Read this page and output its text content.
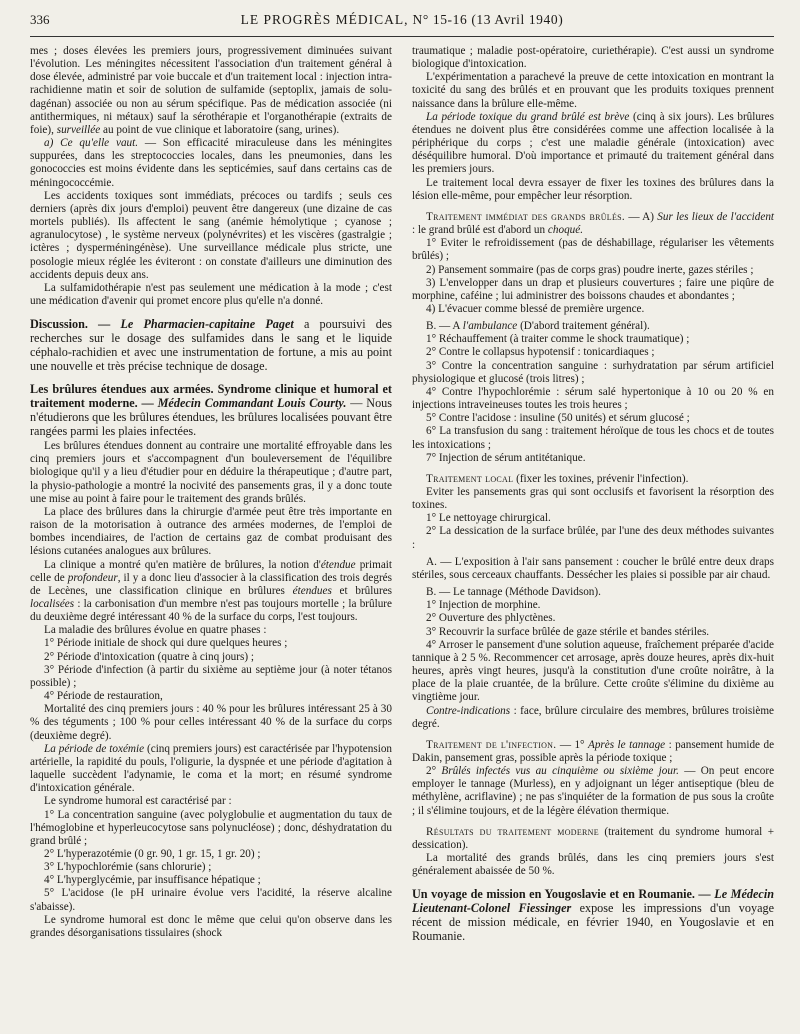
336	LE PROGRÈS MÉDICAL, N° 15-16 (13 Avril 1940)

mes ; doses élevées les premiers jours, progressivement diminuées suivant l'évolution. Les méningites nécessitent l'association d'un traitement général à dose élevée, administré par voie buccale et d'un traitement local : injection intra-rachidienne matin et soir de solution de sulfamide (septoplix, jamais de solu-dagénan) associée ou non au sérum spécifique. Pas de médication associée (ni antithermiques, ni métaux) sauf la sérothérapie et l'organothérapie (extraits de foie), surveillée au point de vue clinique et laboratoire (sang, urines).

a) Ce qu'elle vaut. — Son efficacité miraculeuse dans les méningites suppurées, dans les streptococcies locales, dans les pneumonies, dans les gonococcies est moins évidente dans les septicémies, sauf dans certains cas de méningococcémie.

Les accidents toxiques sont immédiats, précoces ou tardifs ; seuls ces derniers (après dix jours d'emploi) peuvent être dangereux (une dizaine de cas mortels publiés). Ils affectent le sang (anémie hémolytique ; cyanose ; agranulocytose) , le système nerveux (polynévrites) et les viscères (gastralgie ; ictères ; dysperméningénèse). Une surveillance médicale plus stricte, une posologie mieux réglée les éviteront : on constate d'ailleurs une diminution des accidents depuis deux ans.

La sulfamidothérapie n'est pas seulement une médication à la mode ; c'est une médication d'avenir qui promet encore plus qu'elle n'a donné.

Discussion. — Le Pharmacien-capitaine Paget a poursuivi des recherches sur le dosage des sulfamides dans le sang et le liquide céphalo-rachidien et avec une instrumentation de fortune, a mis au point une nouvelle et très précise technique de dosage.
Les brûlures étendues aux armées. Syndrome clinique et humoral et traitement moderne. — Médecin Commandant Louis Courty. — Nous n'étudierons que les brûlures étendues, les brûlures localisées pouvant être rangées parmi les plaies infectées.

Les brûlures étendues donnent au contraire une mortalité effroyable dans les cinq premiers jours et s'accompagnent d'un bouleversement de l'équilibre biologique qu'il y a lieu d'étudier pour en déduire la thérapeutique ; d'autre part, la physio-pathologie a montré la nocivité des pansements gras, il y a donc toute une mise au point à faire pour le traitement des grands brûlés.

La place des brûlures dans la chirurgie d'armée peut être très importante en raison de la motorisation à outrance des armées modernes, de l'emploi de bombes incendiaires, de l'action de certains gaz de combat produisant des lésions cutanées analogues aux brûlures.

La clinique a montré qu'en matière de brûlures, la notion d'étendue primait celle de profondeur, il y a donc lieu d'associer à la classification des trois degrés de Lecènes, une classification clinique en brûlures étendues et brûlures localisées : la carbonisation d'un membre n'est pas toujours mortelle ; la brûlure du deuxième degré intéressant 40 % de la surface du corps, l'est toujours.

La maladie des brûlures évolue en quatre phases :

1° Période initiale de shock qui dure quelques heures ;

2° Période d'intoxication (quatre à cinq jours) ;

3° Période d'infection (à partir du sixième au septième jour (à noter tétanos possible) ;

4° Période de restauration,

Mortalité des cinq premiers jours : 40 % pour les brûlures intéressant 25 à 30 % des téguments ; 100 % pour celles intéressant 40 % de la surface du corps (deuxième degré).

La période de toxémie (cinq premiers jours) est caractérisée par l'hypotension artérielle, la rapidité du pouls, l'oligurie, la dyspnée et une période d'agitation à laquelle succèdent l'adynamie, le coma et la mort; en résumé syndrome d'intoxication générale.

Le syndrome humoral est caractérisé par :

1° La concentration sanguine (avec polyglobulie et augmentation du taux de l'hémoglobine et hyperleucocytose sans polynucléose) ; donc, déshydratation du grand brûlé ;

2° L'hyperazotémie (0 gr. 90, 1 gr. 15, 1 gr. 20) ;

3° L'hypochlorémie (sans chlorurie) ;

4° L'hyperglycémie, par insuffisance hépatique ;

5° L'acidose (le pH urinaire évolue vers l'acidité, la réserve alcaline s'abaisse).

Le syndrome humoral est donc le même que celui qu'on observe dans les grandes désorganisations tissulaires (shock

traumatique ; maladie post-opératoire, curiethérapie). C'est aussi un syndrome biologique d'intoxication.

L'expérimentation a parachevé la preuve de cette intoxication en montrant la toxicité du sang des brûlés et en prouvant que les produits toxiques prennent naissance dans la brûlure elle-même.

La période toxique du grand brûlé est brève (cinq à six jours). Les brûlures étendues ne doivent plus être considérées comme une affection localisée à la périphérique du corps ; c'est une maladie générale (intoxication) avec déséquilibre humoral. D'où importance et primauté du traitement général dans les premiers jours.

Le traitement local devra essayer de fixer les toxines des brûlures dans la lésion elle-même, pour empêcher leur résorption.

Traitement immédiat des grands brûlés. — A) Sur les lieux de l'accident : le grand brûlé est d'abord un choqué.

1° Eviter le refroidissement (pas de déshabillage, régulariser les vêtements brûlés) ;

2) Pansement sommaire (pas de corps gras) poudre inerte, gazes stériles ;

3) L'envelopper dans un drap et plusieurs couvertures ; faire une piqûre de morphine, caféine ; lui administrer des boissons chaudes et abondantes ;

4) L'évacuer comme blessé de première urgence.

B. — A l'ambulance (D'abord traitement général).

1° Réchauffement (à traiter comme le shock traumatique) ;

2° Contre le collapsus hypotensif : tonicardiaques ;

3° Contre la concentration sanguine : surhydratation par sérum artificiel physiologique et glucosé (trois litres) ;

4° Contre l'hypochlorémie : sérum salé hypertonique à 10 ou 20 % en injections intraveineuses toutes les trois heures ;

5° Contre l'acidose : insuline (50 unités) et sérum glucosé ;

6° La transfusion du sang : traitement héroïque de tous les chocs et de toutes les intoxications ;

7° Injection de sérum antitétanique.

Traitement local (fixer les toxines, prévenir l'infection).

Eviter les pansements gras qui sont occlusifs et favorisent la résorption des toxines.

1° Le nettoyage chirurgical.

2° La dessication de la surface brûlée, par l'une des deux méthodes suivantes :

A. — L'exposition à l'air sans pansement : coucher le brûlé entre deux draps stériles, sous cerceaux chauffants. Dessécher les plaies si possible par air chaud.

B. — Le tannage (Méthode Davidson).

1° Injection de morphine.

2° Ouverture des phlyctènes.

3° Recouvrir la surface brûlée de gaze stérile et bandes stériles.

4° Arroser le pansement d'une solution aqueuse, fraîchement préparée d'acide tannique à 2 5 %. Recommencer cet arrosage, après douze heures, après dix-huit heures, après vingt heures, jusqu'à la constitution d'une croûte noirâtre, à la place de la plaie cruantée, de la brûlure. Cette croûte s'élimine du dixième au vingtième jour.

Contre-indications : face, brûlure circulaire des membres, brûlures troisième degré.

Traitement de l'infection. — 1° Après le tannage : pansement humide de Dakin, pansement gras, possible après la période toxique ;

2° Brûlés infectés vus au cinquième ou sixième jour. — On peut encore employer le tannage (Murless), en y adjoignant un léger antiseptique (bleu de méthylène, acriflavine) ; ne pas s'inquiéter de la formation de pus sous la croûte ; il s'élimine toujours, et de la légère élévation thermique.

Résultats du traitement moderne (traitement du syndrome humoral + dessication).

La mortalité des grands brûlés, dans les cinq premiers jours s'est généralement abaissée de 50 %.

Un voyage de mission en Yougoslavie et en Roumanie. — Le Médecin Lieutenant-Colonel Fiessinger expose les impressions d'un voyage récent de mission médicale, en février 1940, en Yougoslavie et en Roumanie.
